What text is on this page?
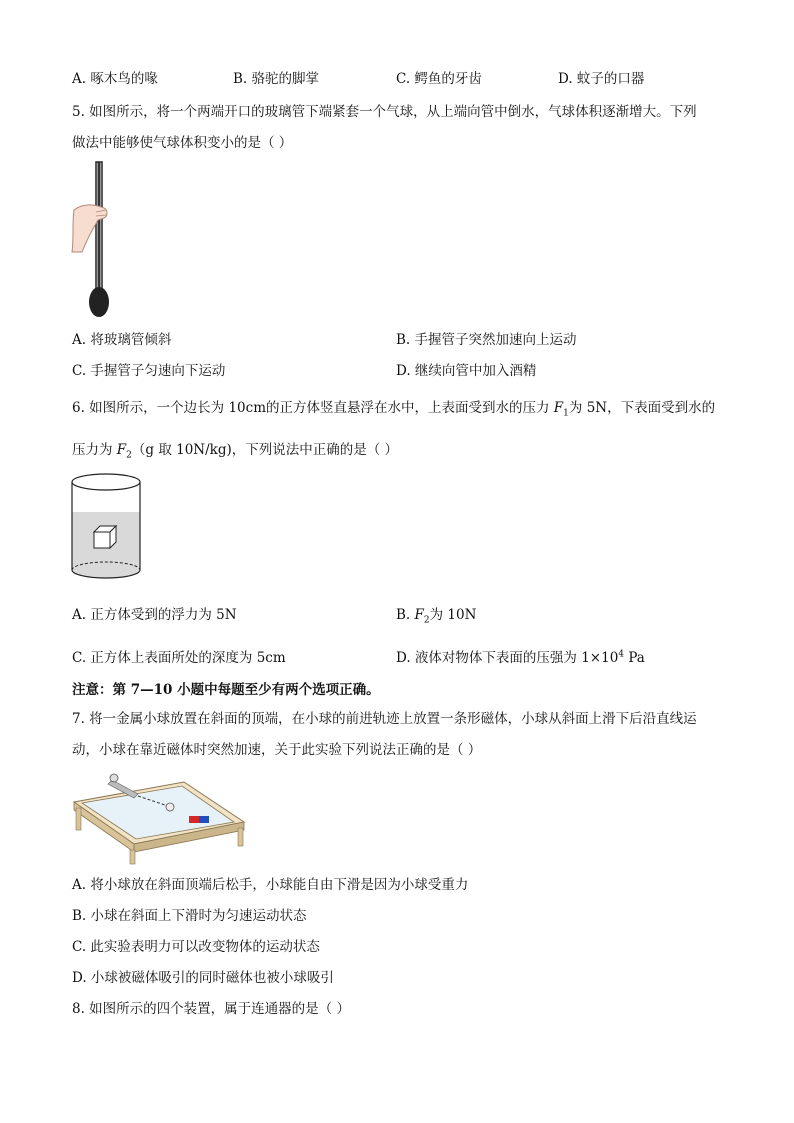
A. 啄木鸟的喙	B. 骆驼的脚掌	C. 鳄鱼的牙齿	D. 蚊子的口器
5. 如图所示，将一个两端开口的玻璃管下端紧套一个气球，从上端向管中倒水，气球体积逐渐增大。下列
做法中能够使气球体积变小的是（ ）
A. 将玻璃管倾斜	B. 手握管子突然加速向上运动
C. 手握管子匀速向下运动	D. 继续向管中加入酒精
6. 如图所示，一个边长为 10cm的正方体竖直悬浮在水中，上表面受到水的压力 $F_1$为 5N，下表面受到水的
压力为 $F_2(g$ 取 10N/kg)，下列说法中正确的是（ ）
A. 正方体受到的浮力为 5N	B. $F_2$为 10N
C. 正方体上表面所处的深度为 5cm	D. 液体对物体下表面的压强为 $1\times 10^4$ Pa
注意：第 7—10 小题中每题至少有两个选项正确。
7. 将一金属小球放置在斜面的顶端，在小球的前进轨迹上放置一条形磁体，小球从斜面上滑下后沿直线运
动，小球在靠近磁体时突然加速，关于此实验下列说法正确的是（ ）
A. 将小球放在斜面顶端后松手，小球能自由下滑是因为小球受重力
B. 小球在斜面上下滑时为匀速运动状态
C. 此实验表明力可以改变物体的运动状态
D. 小球被磁体吸引的同时磁体也被小球吸引
8. 如图所示的四个装置，属于连通器的是（ ）
